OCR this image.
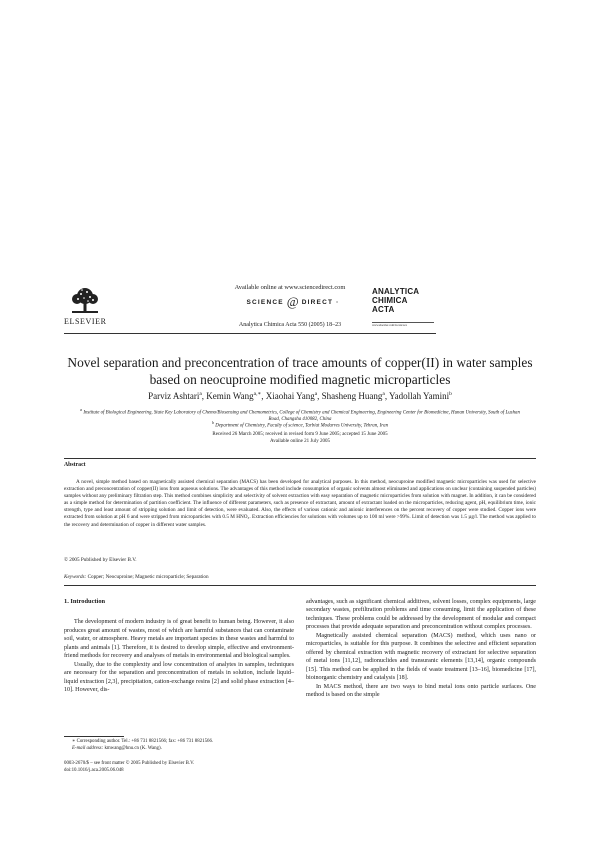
ELSEVIER
Available online at www.sciencedirect.com
SCIENCE @ DIRECT ·
Analytica Chimica Acta 550 (2005) 18–23
ANALYTICA
CHIMICA
ACTA
www.elsevier.com/locate/aca
Novel separation and preconcentration of trace amounts of copper(II) in water samples based on neocuproine modified magnetic microparticles
Parviz Ashtari$^a$, Kemin Wang$^{a,∗}$, Xiaohai Yang$^a$, Shasheng Huang$^a$, Yadollah Yamini$^b$
$^a$ Institute of Biological Engineering, State Key Laboratory of Chemo/Biosensing and Chemometrics, College of Chemistry and Chemical Engineering, Engineering Center for Biomedicine, Hunan University, South of Lushan Road, Changsha 410082, China
$^b$ Department of Chemistry, Faculty of science, Tarbiat Modarres University, Tehran, Iran
Received 26 March 2005; received in revised form 9 June 2005; accepted 15 June 2005
Available online 21 July 2005
Abstract
A novel, simple method based on magnetically assisted chemical separation (MACS) has been developed for analytical purposes. In this method, neocuproine modified magnetic microparticles was used for selective extraction and preconcentration of copper(II) ions from aqueous solutions. The advantages of this method include consumption of organic solvents almost eliminated and applications on unclear (containing suspended particles) samples without any preliminary filtration step. This method combines simplicity and selectivity of solvent extraction with easy separation of magnetic microparticles from solution with magnet. In addition, it can be considered as a simple method for determination of partition coefficient. The influence of different parameters, such as presence of extractant, amount of extractant loaded on the microparticles, reducing agent, pH, equilibrium time, ionic strength, type and least amount of stripping solution and limit of detection, were evaluated. Also, the effects of various cationic and anionic interferences on the percent recovery of copper were studied. Copper ions were extracted from solution at pH 6 and were stripped from microparticles with 0.5 M HNO₃. Extraction efficiencies for solutions with volumes up to 100 ml were >99%. Limit of detection was 1.5 µg/l. The method was applied to the recovery and determination of copper in different water samples.
© 2005 Published by Elsevier B.V.
Keywords: Copper; Neocuproine; Magnetic microparticle; Separation
1. Introduction

The development of modern industry is of great benefit to human being. However, it also produces great amount of wastes, most of which are harmful substances that can contaminate soil, water, or atmosphere. Heavy metals are important species in these wastes and harmful to plants and animals [1]. Therefore, it is desired to develop simple, effective and environment-friend methods for recovery and analyses of metals in environmental and biological samples.

Usually, due to the complexity and low concentration of analytes in samples, techniques are necessary for the separation and preconcentration of metals in solution, include liquid–liquid extraction [2,3], precipitation, cation-exchange resins [2] and solid phase extraction [4–10]. However, dis-

advantages, such as significant chemical additives, solvent losses, complex equipments, large secondary wastes, prefiltration problems and time consuming, limit the application of these techniques. These problems could be addressed by the development of modular and compact processes that provide adequate separation and preconcentration without complex processes.

Magnetically assisted chemical separation (MACS) method, which uses nano or microparticles, is suitable for this purpose. It combines the selective and efficient separation offered by chemical extraction with magnetic recovery of extractant for selective separation of metal ions [11,12], radionuclides and transuranic elements [13,14], organic compounds [15]. This method can be applied in the fields of waste treatment [13–16], biomedicine [17], bioinorganic chemistry and catalysis [18].

In MACS method, there are two ways to bind metal ions onto particle surfaces. One method is based on the simple

∗ Corresponding author. Tel.: +86 731 8821566; fax: +86 731 8821566.
E-mail address: kmwang@hnu.cn (K. Wang).
0003-2670/$ – see front matter © 2005 Published by Elsevier B.V.
doi:10.1016/j.aca.2005.06.048
